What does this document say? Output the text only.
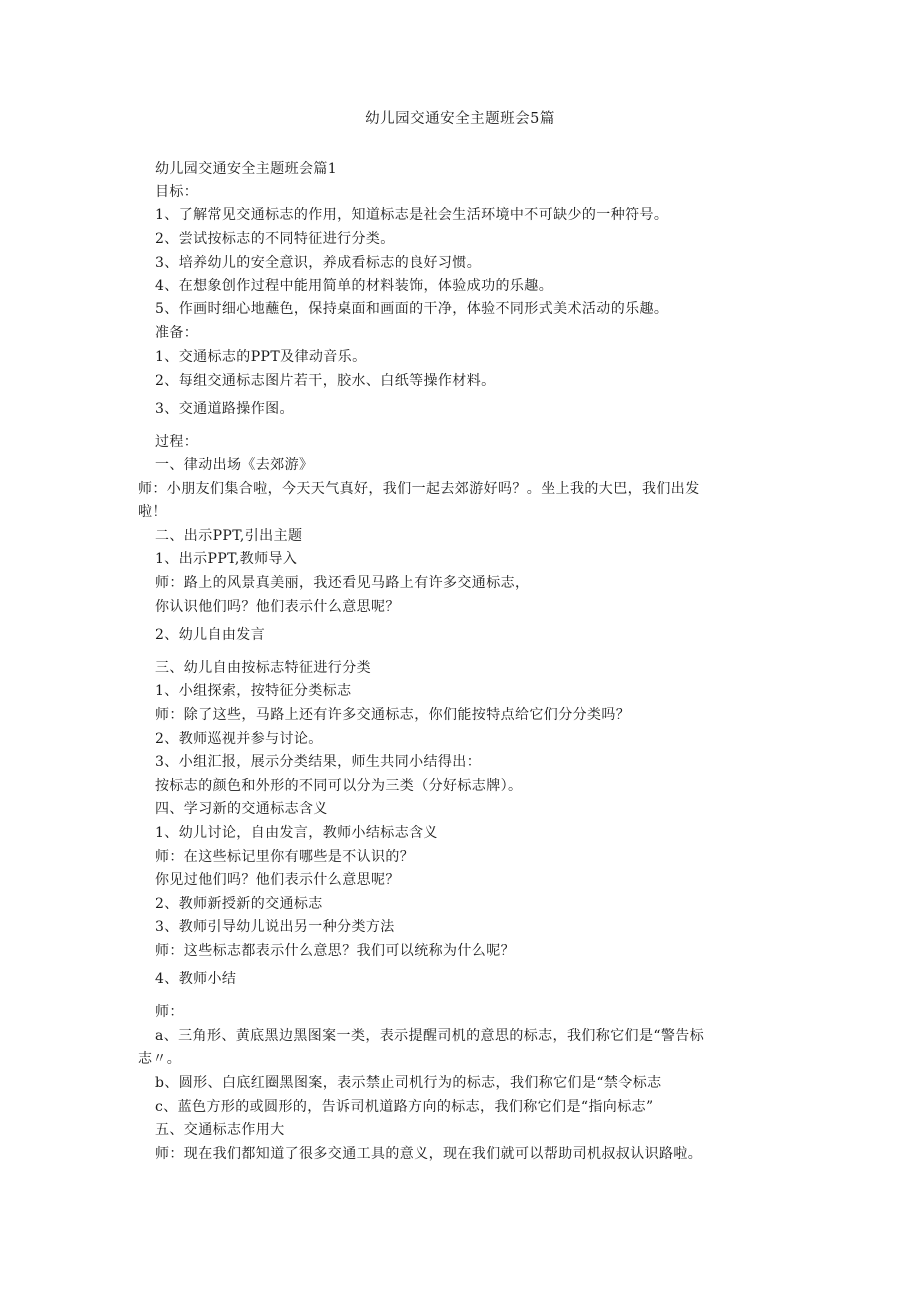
幼儿园交通安全主题班会5篇
幼儿园交通安全主题班会篇1
目标：
1、了解常见交通标志的作用，知道标志是社会生活环境中不可缺少的一种符号。
2、尝试按标志的不同特征进行分类。
3、培养幼儿的安全意识，养成看标志的良好习惯。
4、在想象创作过程中能用简单的材料装饰，体验成功的乐趣。
5、作画时细心地蘸色，保持桌面和画面的干净，体验不同形式美术活动的乐趣。
准备：
1、交通标志的PPT及律动音乐。
2、每组交通标志图片若干，胶水、白纸等操作材料。
3、交通道路操作图。
过程：
一、律动出场《去郊游》
师：小朋友们集合啦，今天天气真好，我们一起去郊游好吗？。坐上我的大巴，我们出发
啦！
二、出示PPT,引出主题
1、出示PPT,教师导入
师：路上的风景真美丽，我还看见马路上有许多交通标志，
你认识他们吗？他们表示什么意思呢？
2、幼儿自由发言
三、幼儿自由按标志特征进行分类
1、小组探索，按特征分类标志
师：除了这些，马路上还有许多交通标志，你们能按特点给它们分分类吗？
2、教师巡视并参与讨论。
3、小组汇报，展示分类结果，师生共同小结得出：
按标志的颜色和外形的不同可以分为三类（分好标志牌）。
四、学习新的交通标志含义
1、幼儿讨论，自由发言，教师小结标志含义
师：在这些标记里你有哪些是不认识的？
你见过他们吗？他们表示什么意思呢？
2、教师新授新的交通标志
3、教师引导幼儿说出另一种分类方法
师：这些标志都表示什么意思？我们可以统称为什么呢？
4、教师小结
师：
a、三角形、黄底黑边黑图案一类，表示提醒司机的意思的标志，我们称它们是“警告标
志〃。
b、圆形、白底红圈黑图案，表示禁止司机行为的标志，我们称它们是“禁令标志
c、蓝色方形的或圆形的，告诉司机道路方向的标志，我们称它们是“指向标志”
五、交通标志作用大
师：现在我们都知道了很多交通工具的意义，现在我们就可以帮助司机叔叔认识路啦。
